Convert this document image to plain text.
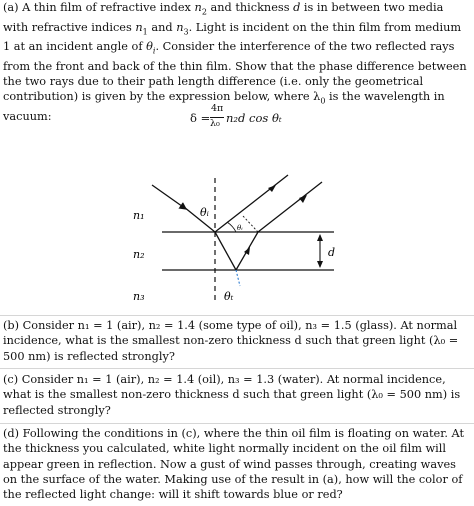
(a) A thin film of refractive index $n_2$ and thickness d is in between two media with refractive indices $n_1$ and $n_3$. Light is incident on the thin film from medium 1 at an incident angle of $\theta_i$. Consider the interference of the two reflected rays from the front and back of the thin film. Show that the phase difference between the two rays due to their path length difference (i.e. only the geometrical contribution) is given by the expression below, where $\lambda_0$ is the wavelength in vacuum:	δ =
4π
λ₀ n₂d cos θₜ
n₁
n₂
n₃
θᵢ
θᵢ
θₜ
d

(b) Consider n₁ = 1 (air), n₂ = 1.4 (some type of oil), n₃ = 1.5 (glass). At normal incidence, what is the smallest non-zero thickness d such that green light (λ₀ = 500 nm) is reflected strongly?

(c) Consider n₁ = 1 (air), n₂ = 1.4 (oil), n₃ = 1.3 (water). At normal incidence, what is the smallest non-zero thickness d such that green light (λ₀ = 500 nm) is reflected strongly?

(d) Following the conditions in (c), where the thin oil film is floating on water. At the thickness you calculated, white light normally incident on the oil film will appear green in reflection. Now a gust of wind passes through, creating waves on the surface of the water. Making use of the result in (a), how will the color of the reflected light change: will it shift towards blue or red?
